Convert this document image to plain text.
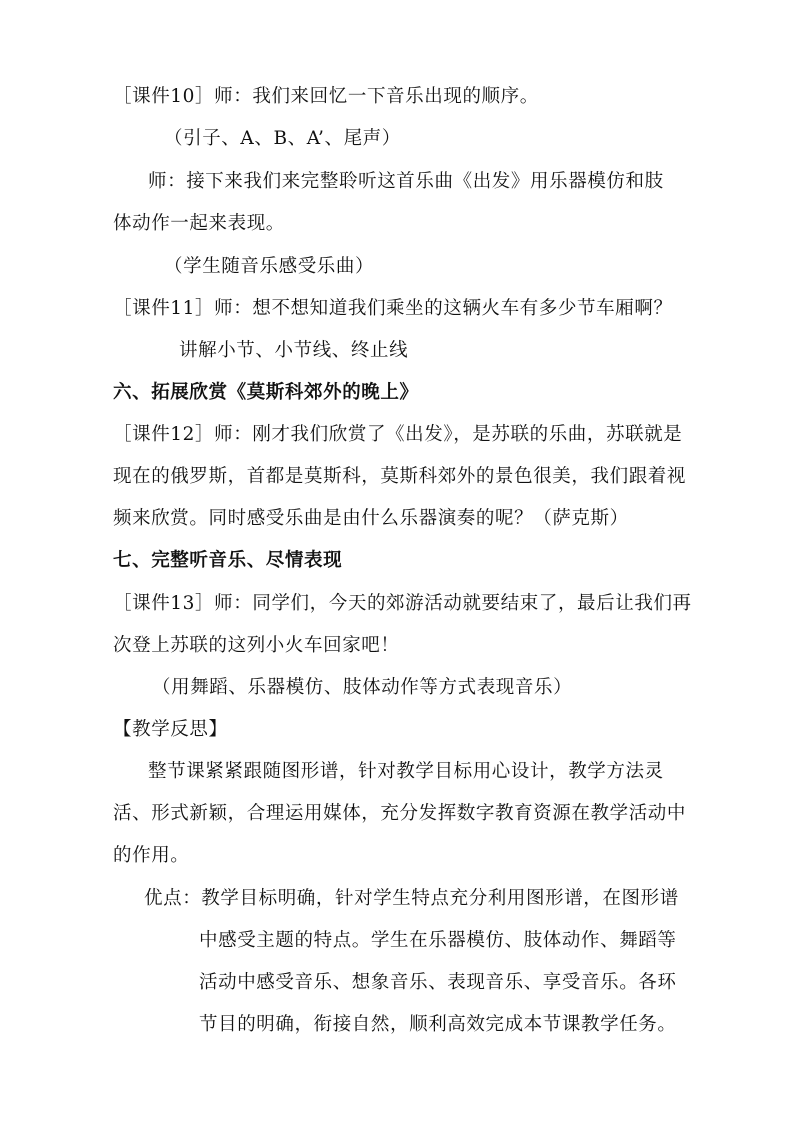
［课件10］师：我们来回忆一下音乐出现的顺序。
（引子、A、B、A’、尾声）
师：接下来我们来完整聆听这首乐曲《出发》用乐器模仿和肢
体动作一起来表现。
（学生随音乐感受乐曲）
［课件11］师：想不想知道我们乘坐的这辆火车有多少节车厢啊？
讲解小节、小节线、终止线
六、拓展欣赏《莫斯科郊外的晚上》
［课件12］师：刚才我们欣赏了《出发》，是苏联的乐曲，苏联就是
现在的俄罗斯，首都是莫斯科，莫斯科郊外的景色很美，我们跟着视
频来欣赏。同时感受乐曲是由什么乐器演奏的呢？（萨克斯）
七、完整听音乐、尽情表现
［课件13］师：同学们，今天的郊游活动就要结束了，最后让我们再
次登上苏联的这列小火车回家吧！
（用舞蹈、乐器模仿、肢体动作等方式表现音乐）
【教学反思】
整节课紧紧跟随图形谱，针对教学目标用心设计，教学方法灵
活、形式新颖，合理运用媒体，充分发挥数字教育资源在教学活动中
的作用。
优点：教学目标明确，针对学生特点充分利用图形谱，在图形谱
中感受主题的特点。学生在乐器模仿、肢体动作、舞蹈等
活动中感受音乐、想象音乐、表现音乐、享受音乐。各环
节目的明确，衔接自然，顺利高效完成本节课教学任务。
